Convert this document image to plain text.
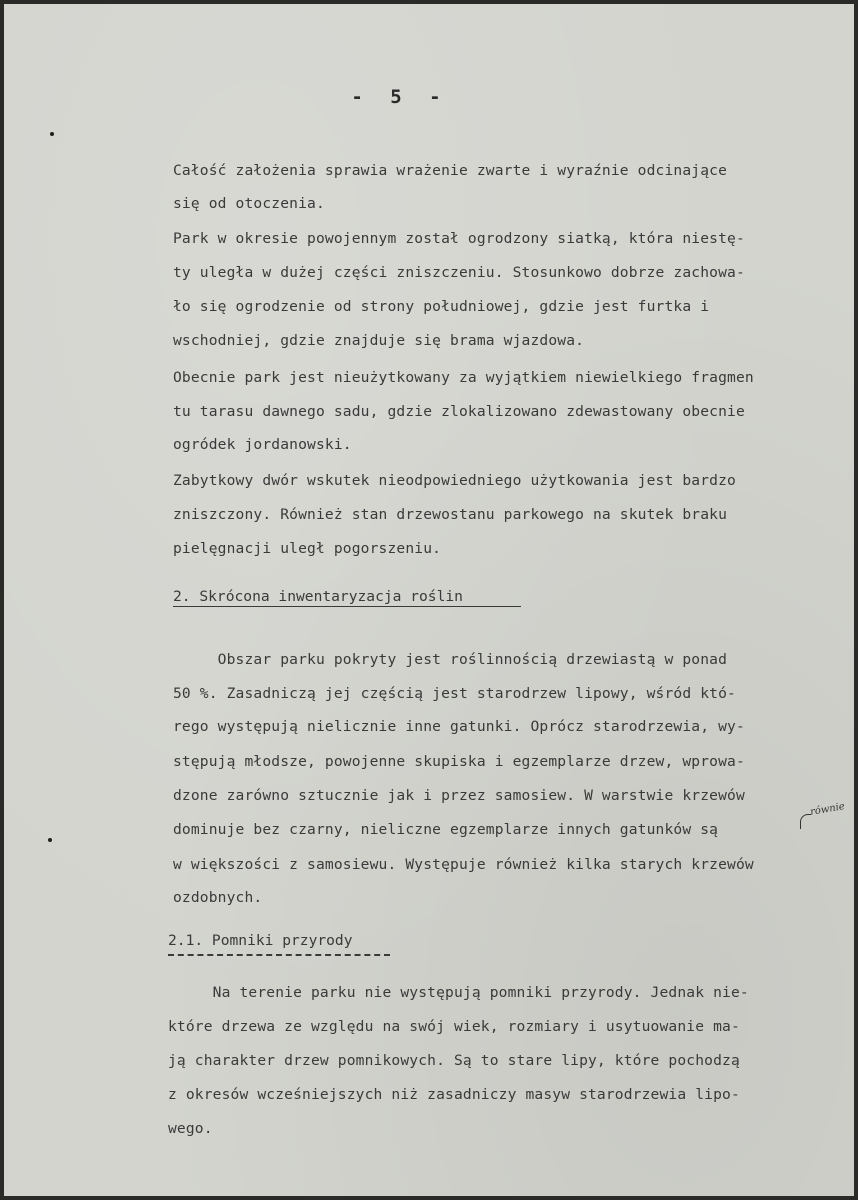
- 5 -
Całość założenia sprawia wrażenie zwarte i wyraźnie odcinające
się od otoczenia.
Park w okresie powojennym został ogrodzony siatką, która niestę-
ty uległa w dużej części zniszczeniu. Stosunkowo dobrze zachowa-
ło się ogrodzenie od strony południowej, gdzie jest furtka i
wschodniej, gdzie znajduje się brama wjazdowa.
Obecnie park jest nieużytkowany za wyjątkiem niewielkiego fragmen
tu tarasu dawnego sadu, gdzie zlokalizowano zdewastowany obecnie
ogródek jordanowski.
Zabytkowy dwór wskutek nieodpowiedniego użytkowania jest bardzo
zniszczony. Również stan drzewostanu parkowego na skutek braku
pielęgnacji uległ pogorszeniu.
2. Skrócona inwentaryzacja roślin
Obszar parku pokryty jest roślinnością drzewiastą w ponad
50 %. Zasadniczą jej częścią jest starodrzew lipowy, wśród któ-
rego występują nielicznie inne gatunki. Oprócz starodrzewia, wy-
stępują młodsze, powojenne skupiska i egzemplarze drzew, wprowa-
dzone zarówno sztucznie jak i przez samosiew. W warstwie krzewów
dominuje bez czarny, nieliczne egzemplarze innych gatunków są
w większości z samosiewu. Występuje również kilka starych krzewów
ozdobnych.
równie
2.1. Pomniki przyrody
Na terenie parku nie występują pomniki przyrody. Jednak nie-
które drzewa ze względu na swój wiek, rozmiary i usytuowanie ma-
ją charakter drzew pomnikowych. Są to stare lipy, które pochodzą
z okresów wcześniejszych niż zasadniczy masyw starodrzewia lipo-
wego.
